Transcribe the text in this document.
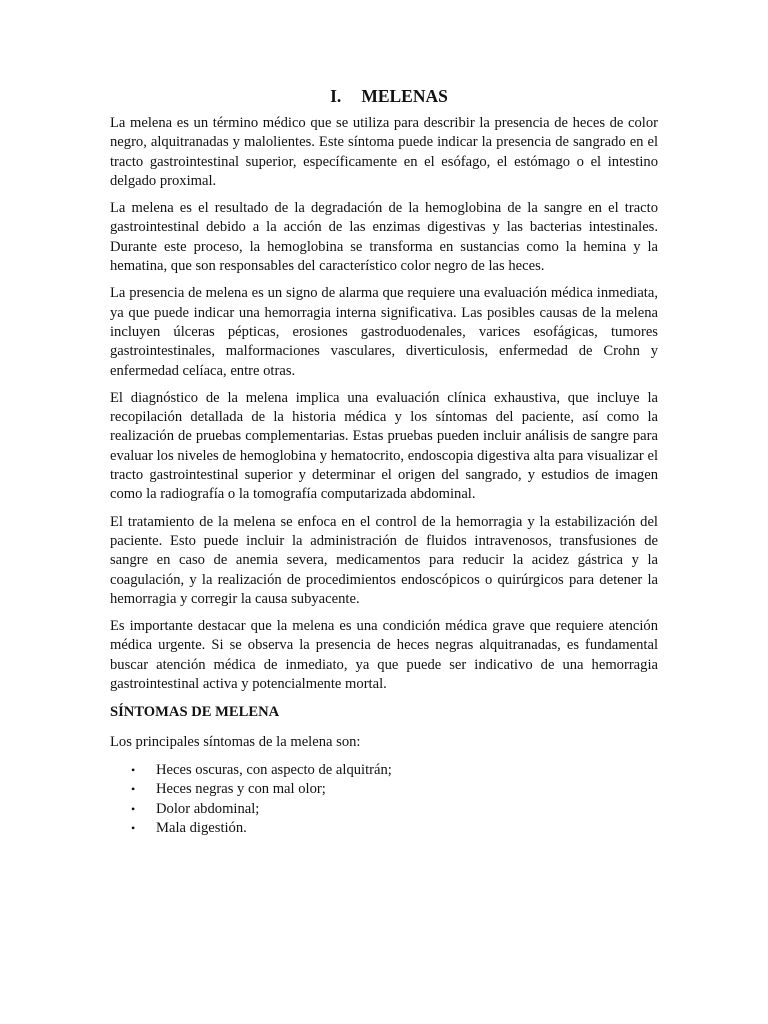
I. MELENAS

La melena es un término médico que se utiliza para describir la presencia de heces de color negro, alquitranadas y malolientes. Este síntoma puede indicar la presencia de sangrado en el tracto gastrointestinal superior, específicamente en el esófago, el estómago o el intestino delgado proximal.

La melena es el resultado de la degradación de la hemoglobina de la sangre en el tracto gastrointestinal debido a la acción de las enzimas digestivas y las bacterias intestinales. Durante este proceso, la hemoglobina se transforma en sustancias como la hemina y la hematina, que son responsables del característico color negro de las heces.

La presencia de melena es un signo de alarma que requiere una evaluación médica inmediata, ya que puede indicar una hemorragia interna significativa. Las posibles causas de la melena incluyen úlceras pépticas, erosiones gastroduodenales, varices esofágicas, tumores gastrointestinales, malformaciones vasculares, diverticulosis, enfermedad de Crohn y enfermedad celíaca, entre otras.

El diagnóstico de la melena implica una evaluación clínica exhaustiva, que incluye la recopilación detallada de la historia médica y los síntomas del paciente, así como la realización de pruebas complementarias. Estas pruebas pueden incluir análisis de sangre para evaluar los niveles de hemoglobina y hematocrito, endoscopia digestiva alta para visualizar el tracto gastrointestinal superior y determinar el origen del sangrado, y estudios de imagen como la radiografía o la tomografía computarizada abdominal.

El tratamiento de la melena se enfoca en el control de la hemorragia y la estabilización del paciente. Esto puede incluir la administración de fluidos intravenosos, transfusiones de sangre en caso de anemia severa, medicamentos para reducir la acidez gástrica y la coagulación, y la realización de procedimientos endoscópicos o quirúrgicos para detener la hemorragia y corregir la causa subyacente.

Es importante destacar que la melena es una condición médica grave que requiere atención médica urgente. Si se observa la presencia de heces negras alquitranadas, es fundamental buscar atención médica de inmediato, ya que puede ser indicativo de una hemorragia gastrointestinal activa y potencialmente mortal.

SÍNTOMAS DE MELENA
Los principales síntomas de la melena son:
• Heces oscuras, con aspecto de alquitrán;
• Heces negras y con mal olor;
• Dolor abdominal;
• Mala digestión.
